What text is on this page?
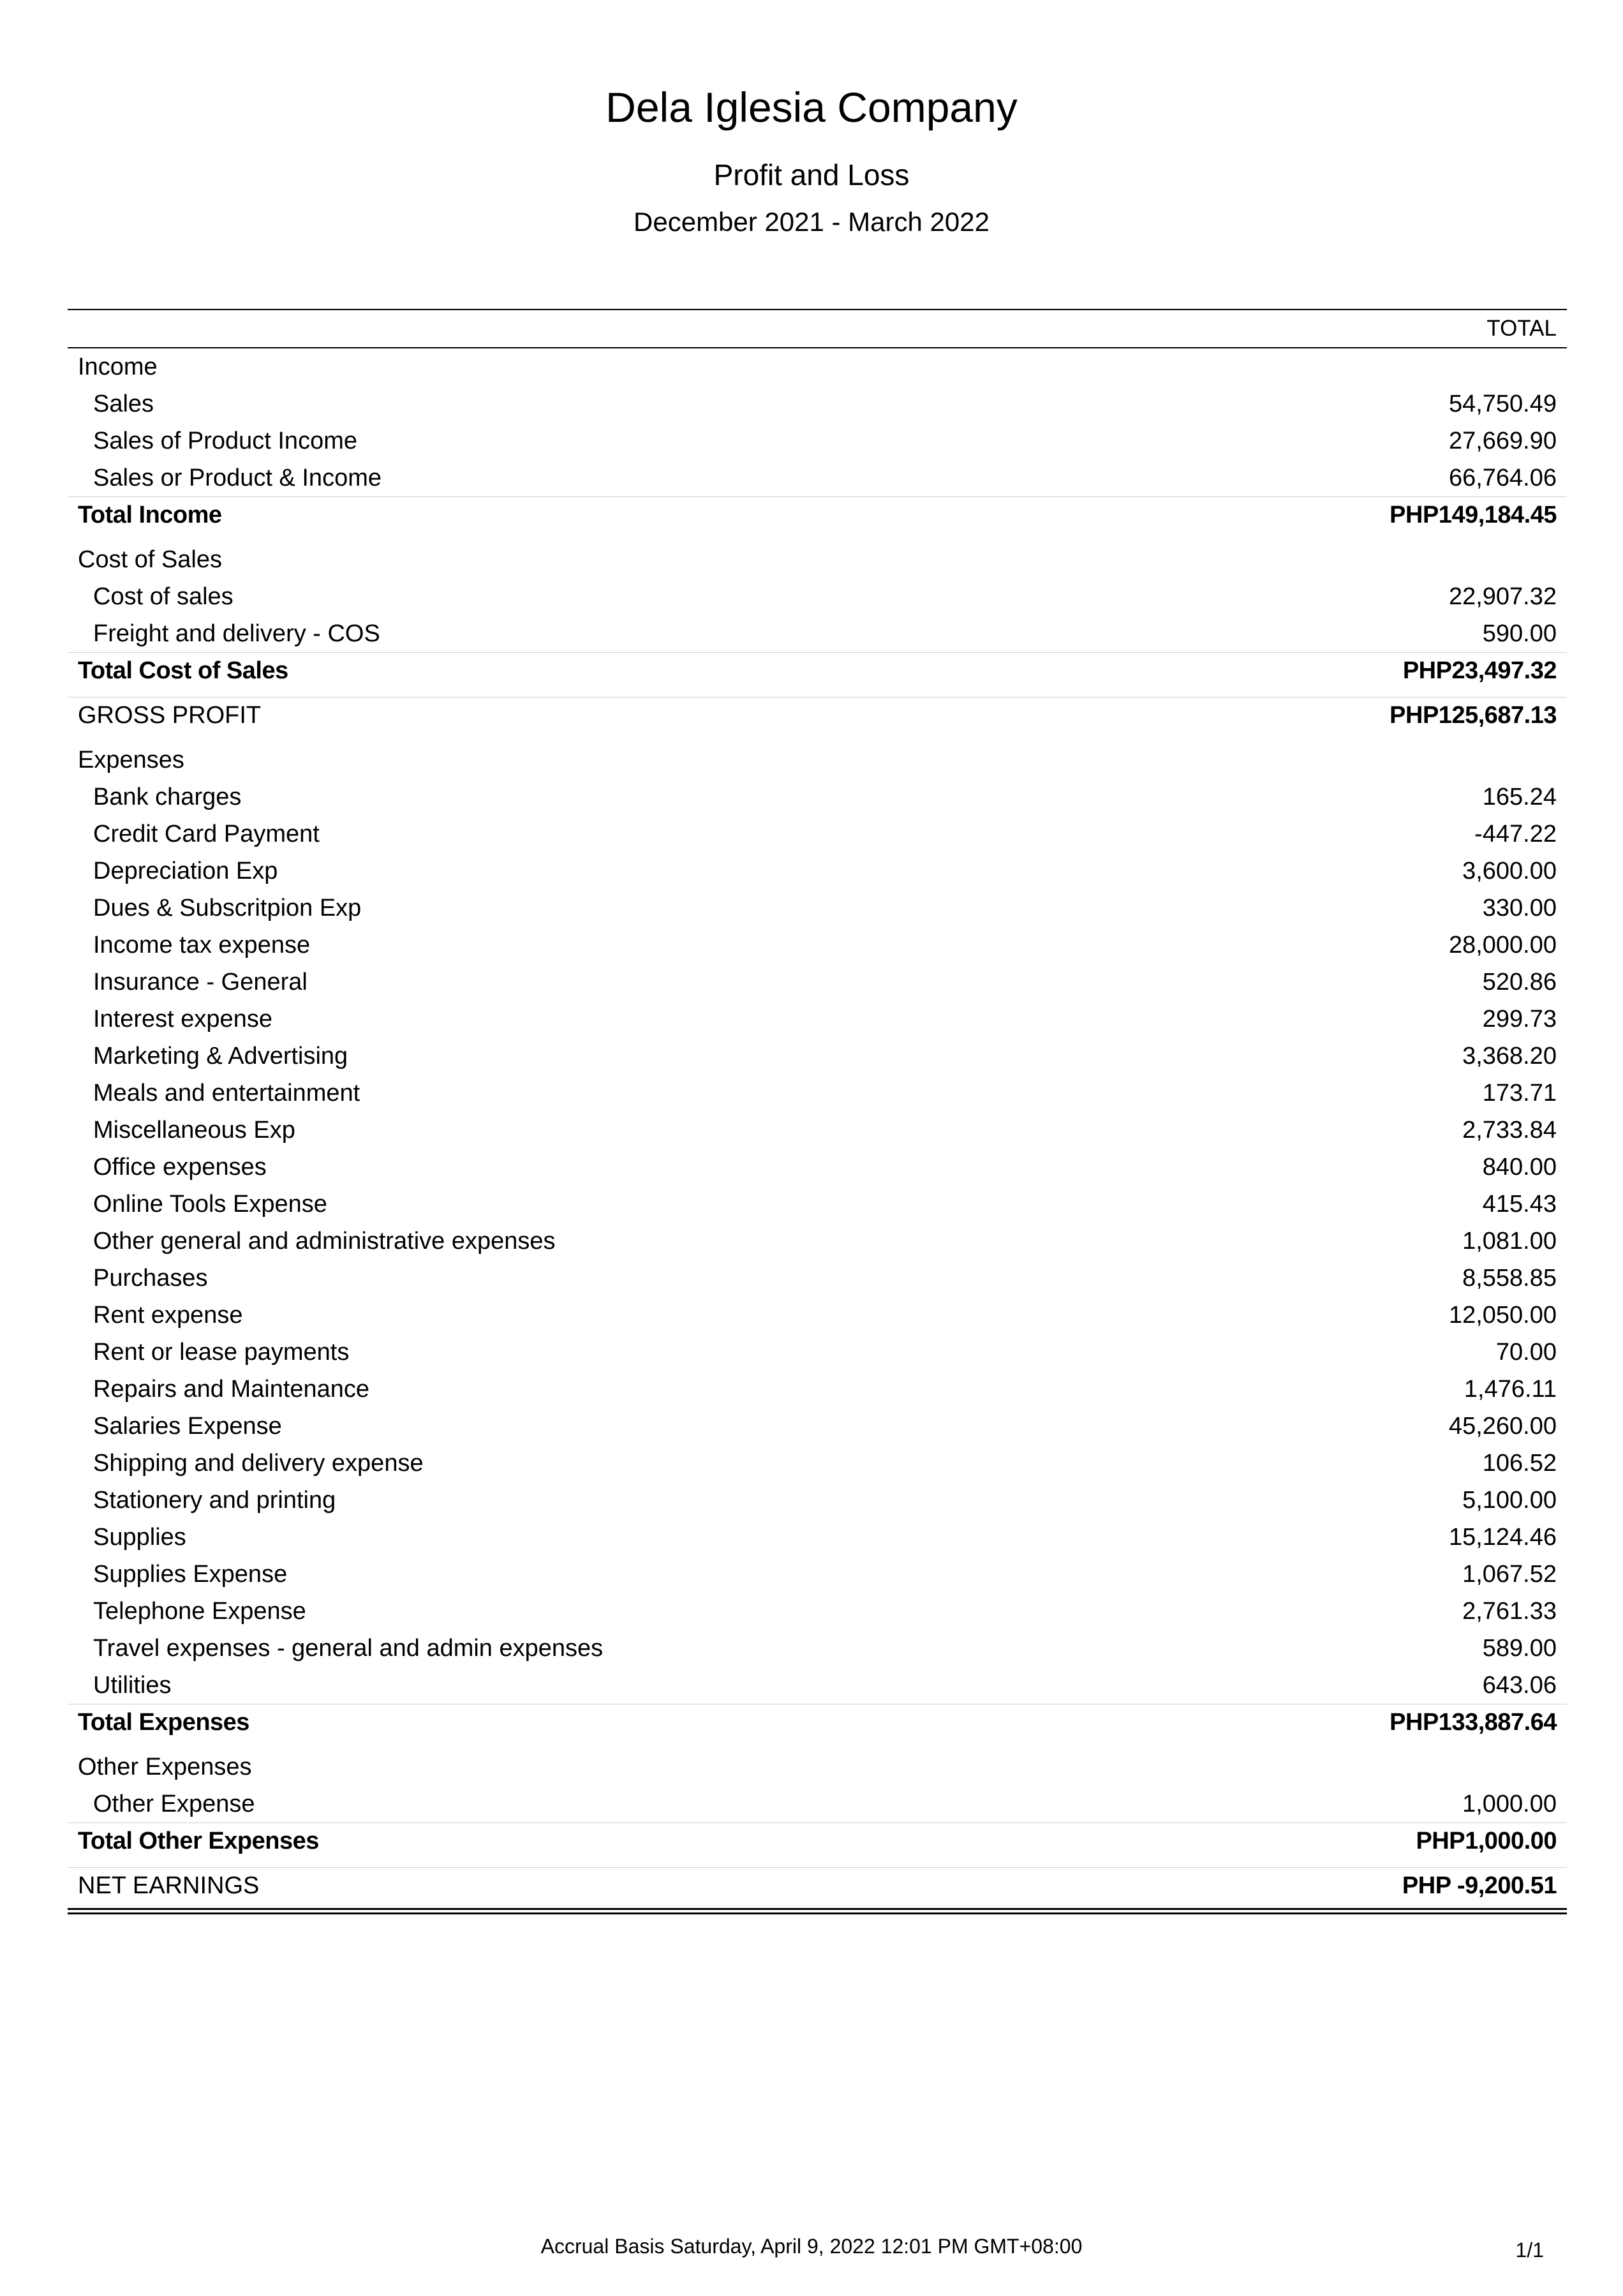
Dela Iglesia Company
Profit and Loss
December 2021 - March 2022
TOTAL
Income
Sales	54,750.49
Sales of Product Income	27,669.90
Sales or Product & Income	66,764.06
Total Income	PHP149,184.45
Cost of Sales
Cost of sales	22,907.32
Freight and delivery - COS	590.00
Total Cost of Sales	PHP23,497.32
GROSS PROFIT	PHP125,687.13
Expenses
Bank charges	165.24
Credit Card Payment	-447.22
Depreciation Exp	3,600.00
Dues & Subscritpion Exp	330.00
Income tax expense	28,000.00
Insurance - General	520.86
Interest expense	299.73
Marketing & Advertising	3,368.20
Meals and entertainment	173.71
Miscellaneous Exp	2,733.84
Office expenses	840.00
Online Tools Expense	415.43
Other general and administrative expenses	1,081.00
Purchases	8,558.85
Rent expense	12,050.00
Rent or lease payments	70.00
Repairs and Maintenance	1,476.11
Salaries Expense	45,260.00
Shipping and delivery expense	106.52
Stationery and printing	5,100.00
Supplies	15,124.46
Supplies Expense	1,067.52
Telephone Expense	2,761.33
Travel expenses - general and admin expenses	589.00
Utilities	643.06
Total Expenses	PHP133,887.64
Other Expenses
Other Expense	1,000.00
Total Other Expenses	PHP1,000.00
NET EARNINGS	PHP -9,200.51
Accrual Basis Saturday, April 9, 2022 12:01 PM GMT+08:00	1/1
